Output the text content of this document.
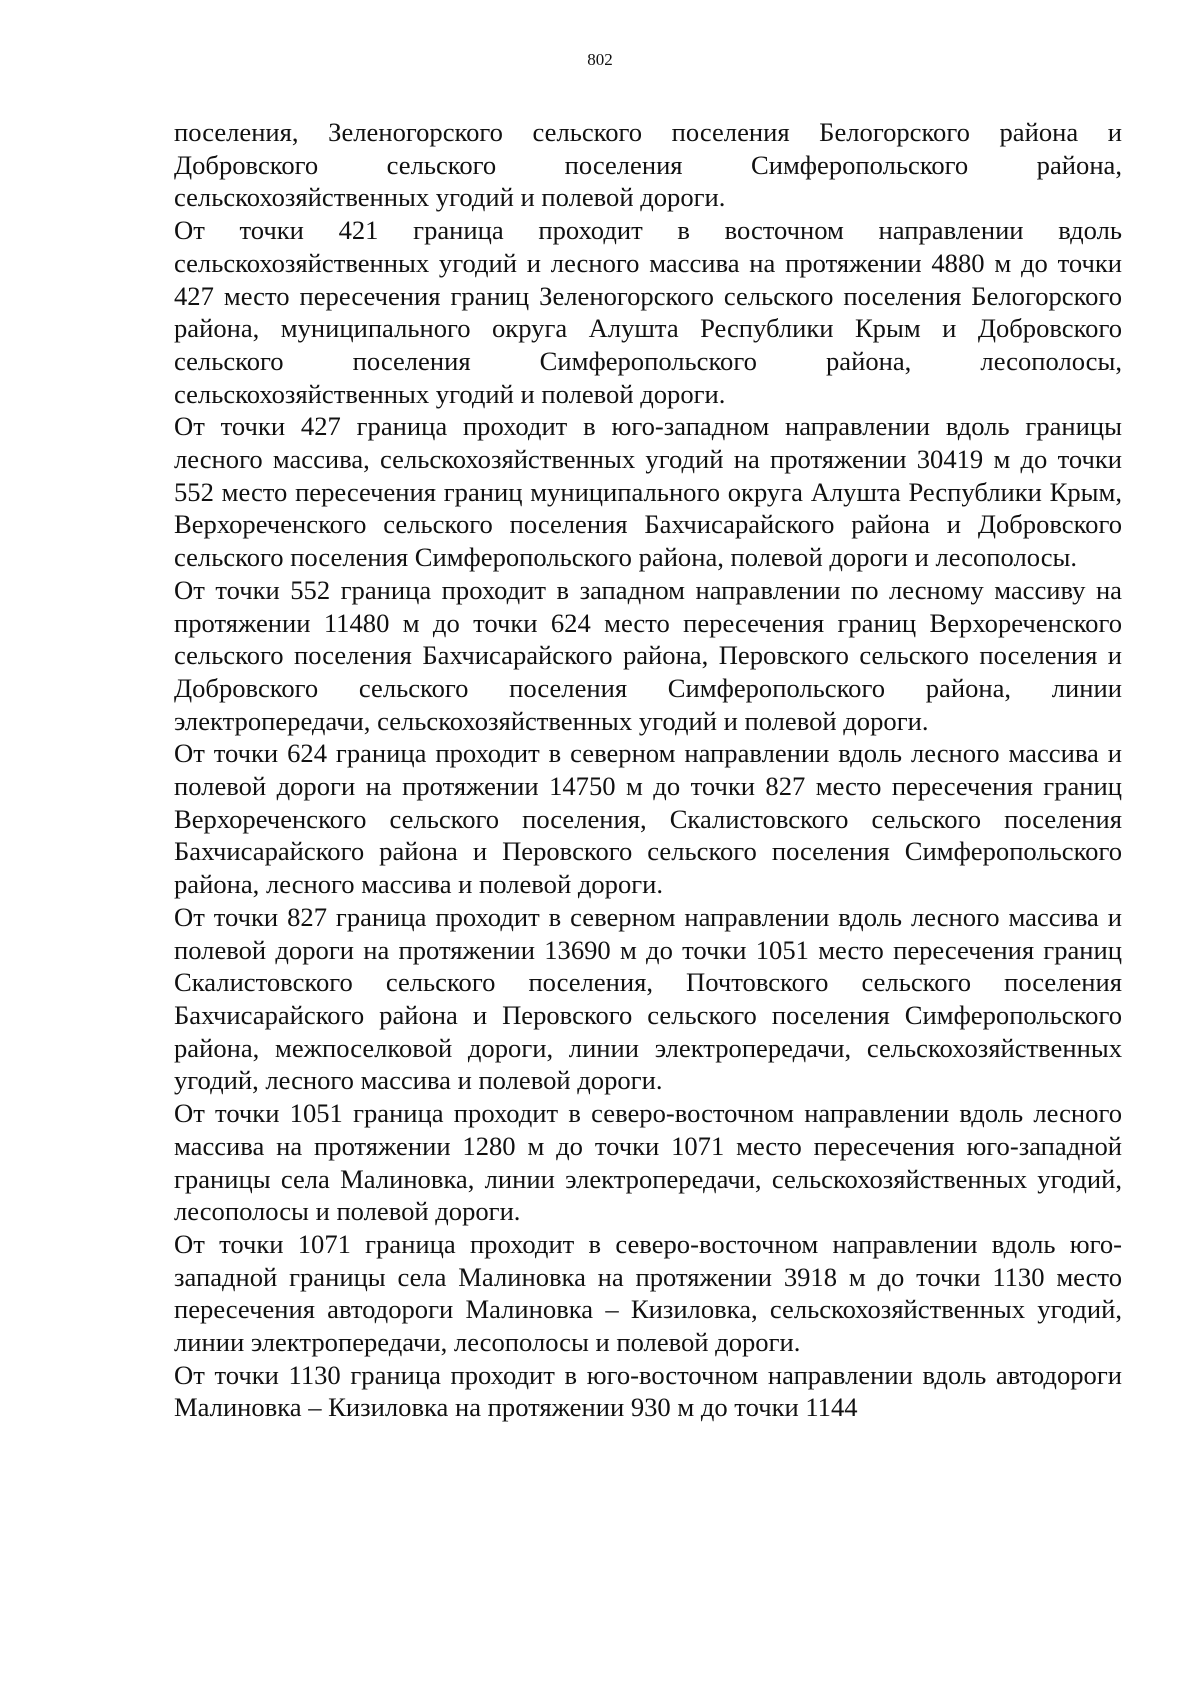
802

поселения, Зеленогорского сельского поселения Белогорского района и Добровского сельского поселения Симферопольского района, сельскохозяйственных угодий и полевой дороги.

От точки 421 граница проходит в восточном направлении вдоль сельскохозяйственных угодий и лесного массива на протяжении 4880 м до точки 427 место пересечения границ Зеленогорского сельского поселения Белогорского района, муниципального округа Алушта Республики Крым и Добровского сельского поселения Симферопольского района, лесополосы, сельскохозяйственных угодий и полевой дороги.

От точки 427 граница проходит в юго-западном направлении вдоль границы лесного массива, сельскохозяйственных угодий на протяжении 30419 м до точки 552 место пересечения границ муниципального округа Алушта Республики Крым, Верхореченского сельского поселения Бахчисарайского района и Добровского сельского поселения Симферопольского района, полевой дороги и лесополосы.

От точки 552 граница проходит в западном направлении по лесному массиву на протяжении 11480 м до точки 624 место пересечения границ Верхореченского сельского поселения Бахчисарайского района, Перовского сельского поселения и Добровского сельского поселения Симферопольского района, линии электропередачи, сельскохозяйственных угодий и полевой дороги.

От точки 624 граница проходит в северном направлении вдоль лесного массива и полевой дороги на протяжении 14750 м до точки 827 место пересечения границ Верхореченского сельского поселения, Скалистовского сельского поселения Бахчисарайского района и Перовского сельского поселения Симферопольского района, лесного массива и полевой дороги.

От точки 827 граница проходит в северном направлении вдоль лесного массива и полевой дороги на протяжении 13690 м до точки 1051 место пересечения границ Скалистовского сельского поселения, Почтовского сельского поселения Бахчисарайского района и Перовского сельского поселения Симферопольского района, межпоселковой дороги, линии электропередачи, сельскохозяйственных угодий, лесного массива и полевой дороги.

От точки 1051 граница проходит в северо-восточном направлении вдоль лесного массива на протяжении 1280 м до точки 1071 место пересечения юго-западной границы села Малиновка, линии электропередачи, сельскохозяйственных угодий, лесополосы и полевой дороги.

От точки 1071 граница проходит в северо-восточном направлении вдоль юго-западной границы села Малиновка на протяжении 3918 м до точки 1130 место пересечения автодороги Малиновка – Кизиловка, сельскохозяйственных угодий, линии электропередачи, лесополосы и полевой дороги.

От точки 1130 граница проходит в юго-восточном направлении вдоль автодороги Малиновка – Кизиловка на протяжении 930 м до точки 1144
